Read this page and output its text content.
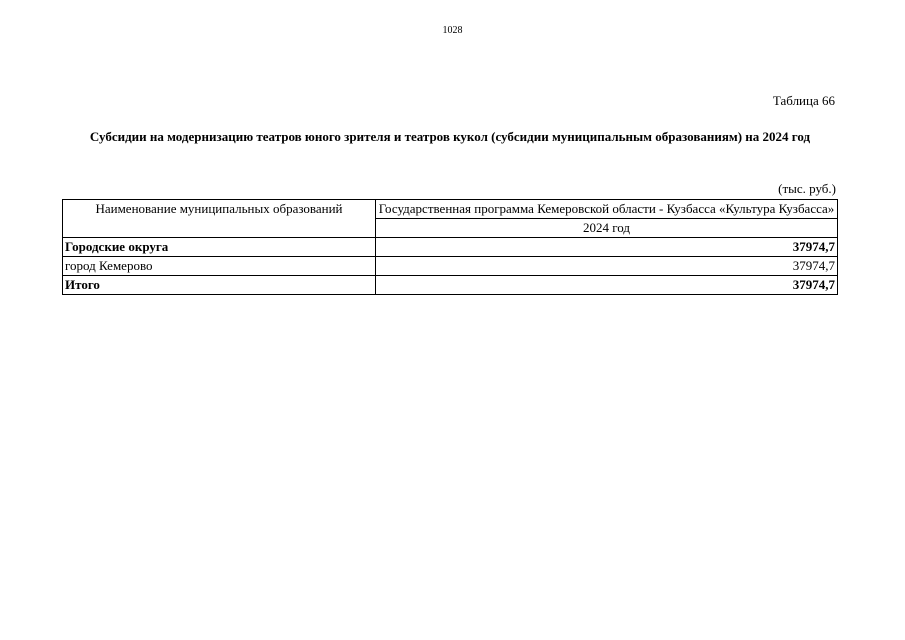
1028
Таблица 66
Субсидии на модернизацию театров юного зрителя и театров кукол (субсидии муниципальным образованиям) на 2024 год
(тыс. руб.)
Наименование муниципальных образований	Государственная программа Кемеровской области - Кузбасса «Культура Кузбасса»
	2024 год
Городские округа	37974,7
город Кемерово	37974,7
Итого	37974,7
